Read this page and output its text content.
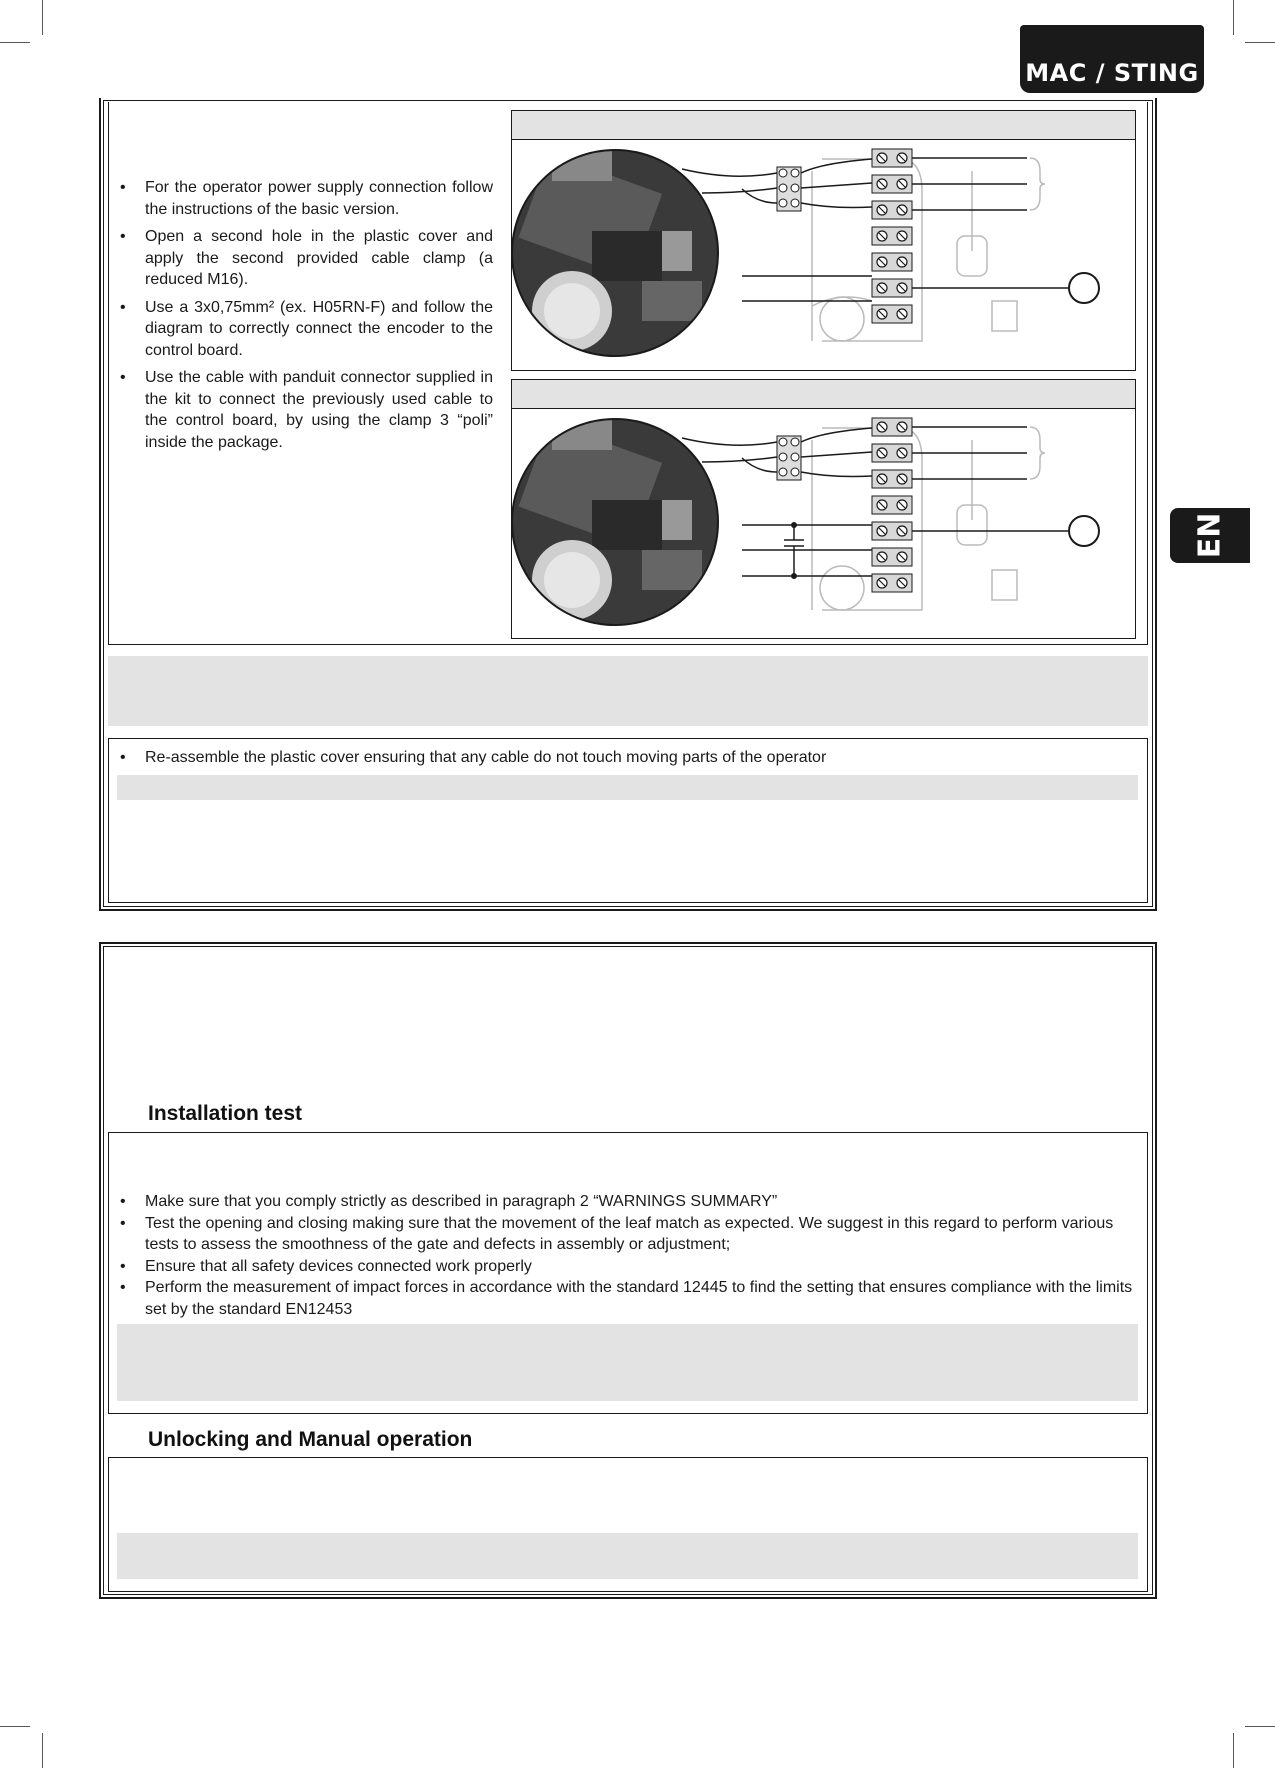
MAC / STING
EN
• For the operator power supply connection follow the instructions of the basic version.
• Open a second hole in the plastic cover and apply the second provided cable clamp (a reduced M16).
• Use a 3x0,75mm² (ex. H05RN-F) and follow the diagram to correctly connect the encoder to the control board.
• Use the cable with panduit connector supplied in the kit to connect the previously used cable to the control board, by using the clamp 3 “poli” inside the package.
• Re-assemble the plastic cover ensuring that any cable do not touch moving parts of the operator
Installation test
• Make sure that you comply strictly as described in paragraph 2 “WARNINGS SUMMARY”
• Test the opening and closing making sure that the movement of the leaf match as expected. We suggest in this regard to perform various tests to assess the smoothness of the gate and defects in assembly or adjustment;
• Ensure that all safety devices connected work properly
• Perform the measurement of impact forces in accordance with the standard 12445 to find the setting that ensures compliance with the limits set by the standard EN12453
Unlocking and Manual operation
